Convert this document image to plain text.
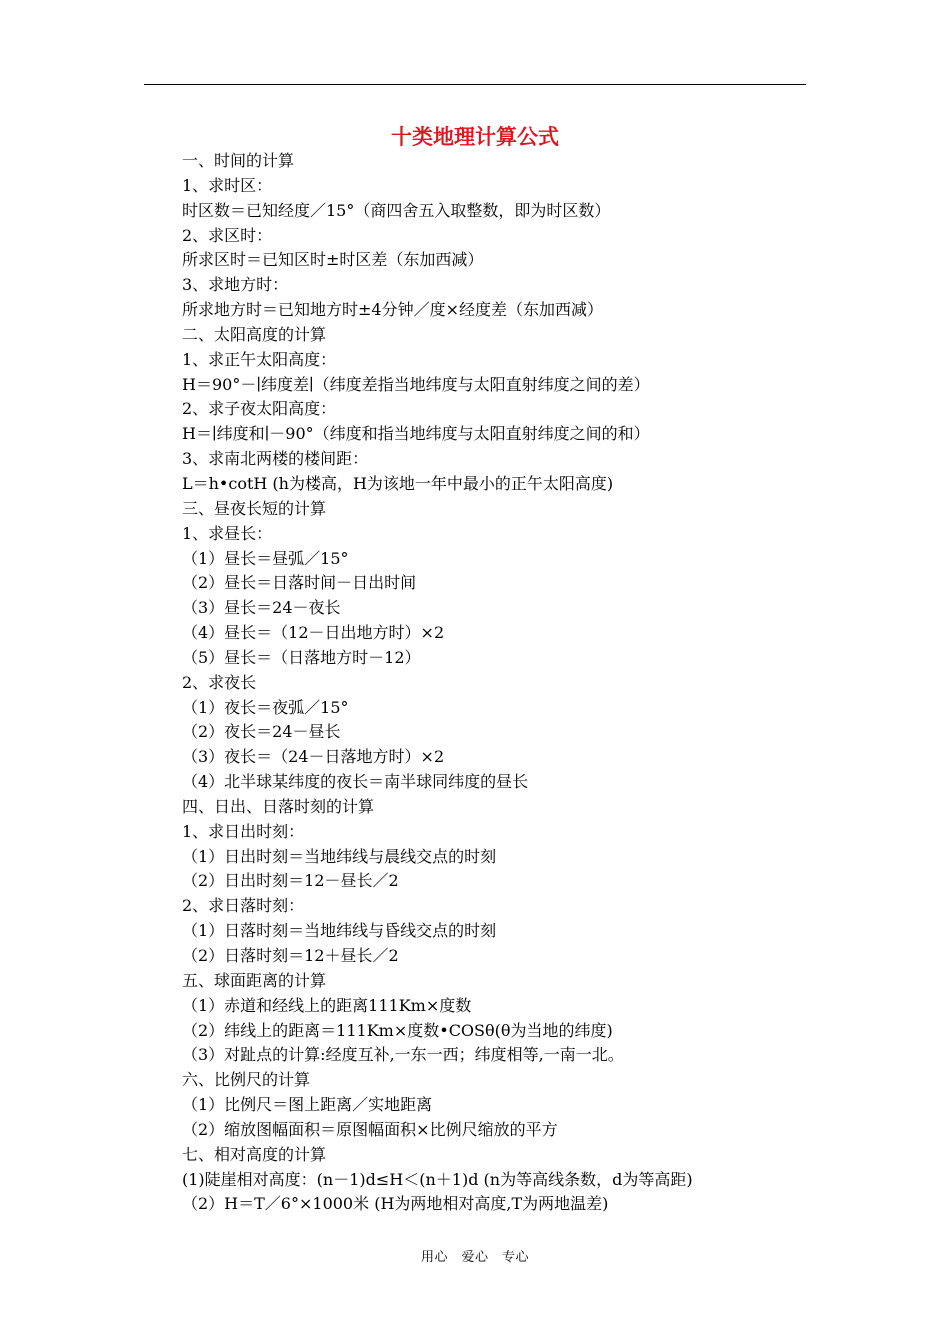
十类地理计算公式
一、时间的计算
1、求时区：
时区数＝已知经度／15°（商四舍五入取整数，即为时区数）
2、求区时：
所求区时＝已知区时±时区差（东加西减）
3、求地方时：
所求地方时＝已知地方时±4分钟／度×经度差（东加西减）
二、太阳高度的计算
1、求正午太阳高度：
H＝90°－∣纬度差∣（纬度差指当地纬度与太阳直射纬度之间的差）
2、求子夜太阳高度：
H＝∣纬度和∣－90°（纬度和指当地纬度与太阳直射纬度之间的和）
3、求南北两楼的楼间距：
L＝h•cotH (h为楼高，H为该地一年中最小的正午太阳高度)
三、昼夜长短的计算
1、求昼长：
（1）昼长＝昼弧／15°
（2）昼长＝日落时间－日出时间
（3）昼长＝24－夜长
（4）昼长＝（12－日出地方时）×2
（5）昼长＝（日落地方时－12）
2、求夜长
（1）夜长＝夜弧／15°
（2）夜长＝24－昼长
（3）夜长＝（24－日落地方时）×2
（4）北半球某纬度的夜长＝南半球同纬度的昼长
四、日出、日落时刻的计算
1、求日出时刻：
（1）日出时刻＝当地纬线与晨线交点的时刻
（2）日出时刻＝12－昼长／2
2、求日落时刻：
（1）日落时刻＝当地纬线与昏线交点的时刻
（2）日落时刻＝12＋昼长／2
五、球面距离的计算
（1）赤道和经线上的距离111Km×度数
（2）纬线上的距离＝111Km×度数•COSθ(θ为当地的纬度)
（3）对趾点的计算:经度互补,一东一西；纬度相等,一南一北。
六、比例尺的计算
（1）比例尺＝图上距离／实地距离
（2）缩放图幅面积＝原图幅面积×比例尺缩放的平方
七、相对高度的计算
(1)陡崖相对高度：(n－1)d≤H＜(n＋1)d (n为等高线条数，d为等高距)
（2）H＝T／6°×1000米 (H为两地相对高度,T为两地温差)
用心　爱心　专心
